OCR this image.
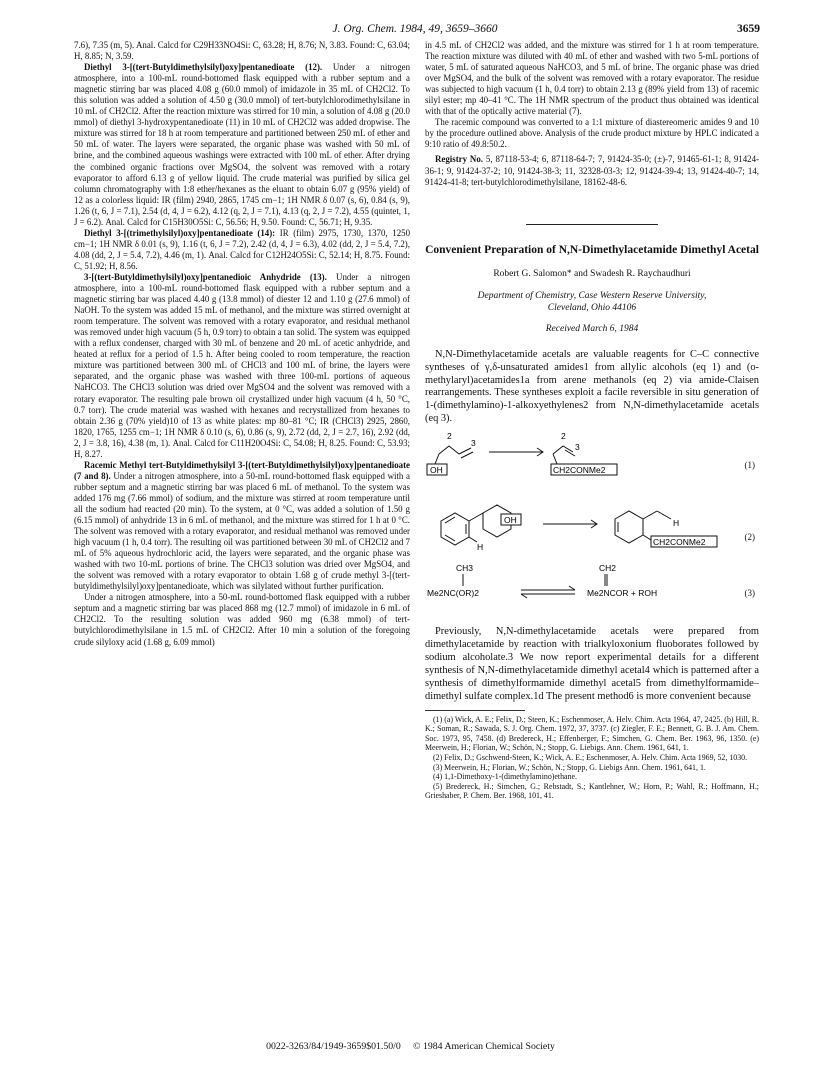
J. Org. Chem. 1984, 49, 3659–3660	3659

7.6), 7.35 (m, 5). Anal. Calcd for C29H33NO4Si: C, 63.28; H, 8.76; N, 3.83. Found: C, 63.04; H, 8.85; N, 3.59.

Diethyl 3-[(tert-Butyldimethylsilyl)oxy]pentanedioate (12). Under a nitrogen atmosphere, into a 100-mL round-bottomed flask equipped with a rubber septum and a magnetic stirring bar was placed 4.08 g (60.0 mmol) of imidazole in 35 mL of CH2Cl2. To this solution was added a solution of 4.50 g (30.0 mmol) of tert-butylchlorodimethylsilane in 10 mL of CH2Cl2. After the reaction mixture was stirred for 10 min, a solution of 4.08 g (20.0 mmol) of diethyl 3-hydroxypentanedioate (11) in 10 mL of CH2Cl2 was added dropwise. The mixture was stirred for 18 h at room temperature and partitioned between 250 mL of ether and 50 mL of water. The layers were separated, the organic phase was washed with 50 mL of brine, and the combined aqueous washings were extracted with 100 mL of ether. After drying the combined organic fractions over MgSO4, the solvent was removed with a rotary evaporator to afford 6.13 g of yellow liquid. The crude material was purified by silica gel column chromatography with 1:8 ether/hexanes as the eluant to obtain 6.07 g (95% yield) of 12 as a colorless liquid: IR (film) 2940, 2865, 1745 cm−1; 1H NMR δ 0.07 (s, 6), 0.84 (s, 9), 1.26 (t, 6, J = 7.1), 2.54 (d, 4, J = 6.2), 4.12 (q, 2, J = 7.1), 4.13 (q, 2, J = 7.2), 4.55 (quintet, 1, J = 6.2). Anal. Calcd for C15H30O5Si: C, 56.56; H, 9.50. Found: C, 56.71; H, 9.35.

Diethyl 3-[(trimethylsilyl)oxy]pentanedioate (14): IR (film) 2975, 1730, 1370, 1250 cm−1; 1H NMR δ 0.01 (s, 9), 1.16 (t, 6, J = 7.2), 2.42 (d, 4, J = 6.3), 4.02 (dd, 2, J = 5.4, 7.2), 4.08 (dd, 2, J = 5.4, 7.2), 4.46 (m, 1). Anal. Calcd for C12H24O5Si: C, 52.14; H, 8.75. Found: C, 51.92; H, 8.56.

3-[(tert-Butyldimethylsilyl)oxy]pentanedioic Anhydride (13). Under a nitrogen atmosphere, into a 100-mL round-bottomed flask equipped with a rubber septum and a magnetic stirring bar was placed 4.40 g (13.8 mmol) of diester 12 and 1.10 g (27.6 mmol) of NaOH. To the system was added 15 mL of methanol, and the mixture was stirred overnight at room temperature. The solvent was removed with a rotary evaporator, and residual methanol was removed under high vacuum (5 h, 0.9 torr) to obtain a tan solid. The system was equipped with a reflux condenser, charged with 30 mL of benzene and 20 mL of acetic anhydride, and heated at reflux for a period of 1.5 h. After being cooled to room temperature, the reaction mixture was partitioned between 300 mL of CHCl3 and 100 mL of brine, the layers were separated, and the organic phase was washed with three 100-mL portions of aqueous NaHCO3. The CHCl3 solution was dried over MgSO4 and the solvent was removed with a rotary evaporator. The resulting pale brown oil crystallized under high vacuum (4 h, 50 °C, 0.7 torr). The crude material was washed with hexanes and recrystallized from hexanes to obtain 2.36 g (70% yield)10 of 13 as white plates: mp 80–81 °C; IR (CHCl3) 2925, 2860, 1820, 1765, 1255 cm−1; 1H NMR δ 0.10 (s, 6), 0.86 (s, 9), 2.72 (dd, 2, J = 2.7, 16), 2.92 (dd, 2, J = 3.8, 16), 4.38 (m, 1). Anal. Calcd for C11H20O4Si: C, 54.08; H, 8.25. Found: C, 53.93; H, 8.27.

Racemic Methyl tert-Butyldimethylsilyl 3-[(tert-Butyldimethylsilyl)oxy]pentanedioate (7 and 8). Under a nitrogen atmosphere, into a 50-mL round-bottomed flask equipped with a rubber septum and a magnetic stirring bar was placed 6 mL of methanol. To the system was added 176 mg (7.66 mmol) of sodium, and the mixture was stirred at room temperature until all the sodium had reacted (20 min). To the system, at 0 °C, was added a solution of 1.50 g (6.15 mmol) of anhydride 13 in 6 mL of methanol, and the mixture was stirred for 1 h at 0 °C. The solvent was removed with a rotary evaporator, and residual methanol was removed under high vacuum (1 h, 0.4 torr). The resulting oil was partitioned between 30 mL of CH2Cl2 and 7 mL of 5% aqueous hydrochloric acid, the layers were separated, and the organic phase was washed with two 10-mL portions of brine. The CHCl3 solution was dried over MgSO4, and the solvent was removed with a rotary evaporator to obtain 1.68 g of crude methyl 3-[(tert-butyldimethylsilyl)oxy]pentanedioate, which was silylated without further purification.

Under a nitrogen atmosphere, into a 50-mL round-bottomed flask equipped with a rubber septum and a magnetic stirring bar was placed 868 mg (12.7 mmol) of imidazole in 6 mL of CH2Cl2. To the resulting solution was added 960 mg (6.38 mmol) of tert-butylchlorodimethylsilane in 1.5 mL of CH2Cl2. After 10 min a solution of the foregoing crude silyloxy acid (1.68 g, 6.09 mmol)

in 4.5 mL of CH2Cl2 was added, and the mixture was stirred for 1 h at room temperature. The reaction mixture was diluted with 40 mL of ether and washed with two 5-mL portions of water, 5 mL of saturated aqueous NaHCO3, and 5 mL of brine. The organic phase was dried over MgSO4, and the bulk of the solvent was removed with a rotary evaporator. The residue was subjected to high vacuum (1 h, 0.4 torr) to obtain 2.13 g (89% yield from 13) of racemic silyl ester; mp 40–41 °C. The 1H NMR spectrum of the product thus obtained was identical with that of the optically active material (7).

The racemic compound was converted to a 1:1 mixture of diastereomeric amides 9 and 10 by the procedure outlined above. Analysis of the crude product mixture by HPLC indicated a 9:10 ratio of 49.8:50.2.

Registry No. 5, 87118-53-4; 6, 87118-64-7; 7, 91424-35-0; (±)-7, 91465-61-1; 8, 91424-36-1; 9, 91424-37-2; 10, 91424-38-3; 11, 32328-03-3; 12, 91424-39-4; 13, 91424-40-7; 14, 91424-41-8; tert-butylchlorodimethylsilane, 18162-48-6.

Convenient Preparation of N,N-Dimethylacetamide Dimethyl Acetal
Robert G. Salomon* and Swadesh R. Raychaudhuri
Department of Chemistry, Case Western Reserve University,
Cleveland, Ohio 44106
Received March 6, 1984

N,N-Dimethylacetamide acetals are valuable reagents for C–C connective syntheses of γ,δ-unsaturated amides1 from allylic alcohols (eq 1) and (o-methylaryl)acetamides1a from arene methanols (eq 2) via amide-Claisen rearrangements. These syntheses exploit a facile reversible in situ generation of 1-(dimethylamino)-1-alkoxyethylenes2 from N,N-dimethylacetamide acetals (eq 3).

OH
2
3
2
3
CH2CONMe2
OH
H
H
CH2CONMe2
CH3	CH2
Me2NC(OR)2	Me2NCOR + ROH
(1)
(2)
(3)

Previously, N,N-dimethylacetamide acetals were prepared from dimethylacetamide by reaction with trialkyloxonium fluoborates followed by sodium alcoholate.3 We now report experimental details for a different synthesis of N,N-dimethylacetamide dimethyl acetal4 which is patterned after a synthesis of dimethylformamide dimethyl acetal5 from dimethylformamide–dimethyl sulfate complex.1d The present method6 is more convenient because

(1) (a) Wick, A. E.; Felix, D.; Steen, K.; Eschenmoser, A. Helv. Chim. Acta 1964, 47, 2425. (b) Hill, R. K.; Soman, R.; Sawada, S. J. Org. Chem. 1972, 37, 3737. (c) Ziegler, F. E.; Bennett, G. B. J. Am. Chem. Soc. 1973, 95, 7458. (d) Bredereck, H.; Effenberger, F.; Simchen, G. Chem. Ber. 1963, 96, 1350. (e) Meerwein, H.; Florian, W.; Schön, N.; Stopp, G. Liebigs. Ann. Chem. 1961, 641, 1.

(2) Felix, D.; Gschwend-Steen, K.; Wick, A. E.; Eschenmoser, A. Helv. Chim. Acta 1969, 52, 1030.

(3) Meerwein, H.; Florian, W.; Schön, N.; Stopp, G. Liebigs Ann. Chem. 1961, 641, 1.

(4) 1,1-Dimethoxy-1-(dimethylamino)ethane.

(5) Bredereck, H.; Simchen, G.; Rebstadt, S.; Kantlehner, W.; Horn, P.; Wahl, R.; Hoffmann, H.; Grieshaber, P. Chem. Ber. 1968, 101, 41.

0022-3263/84/1949-3659$01.50/0 © 1984 American Chemical Society
